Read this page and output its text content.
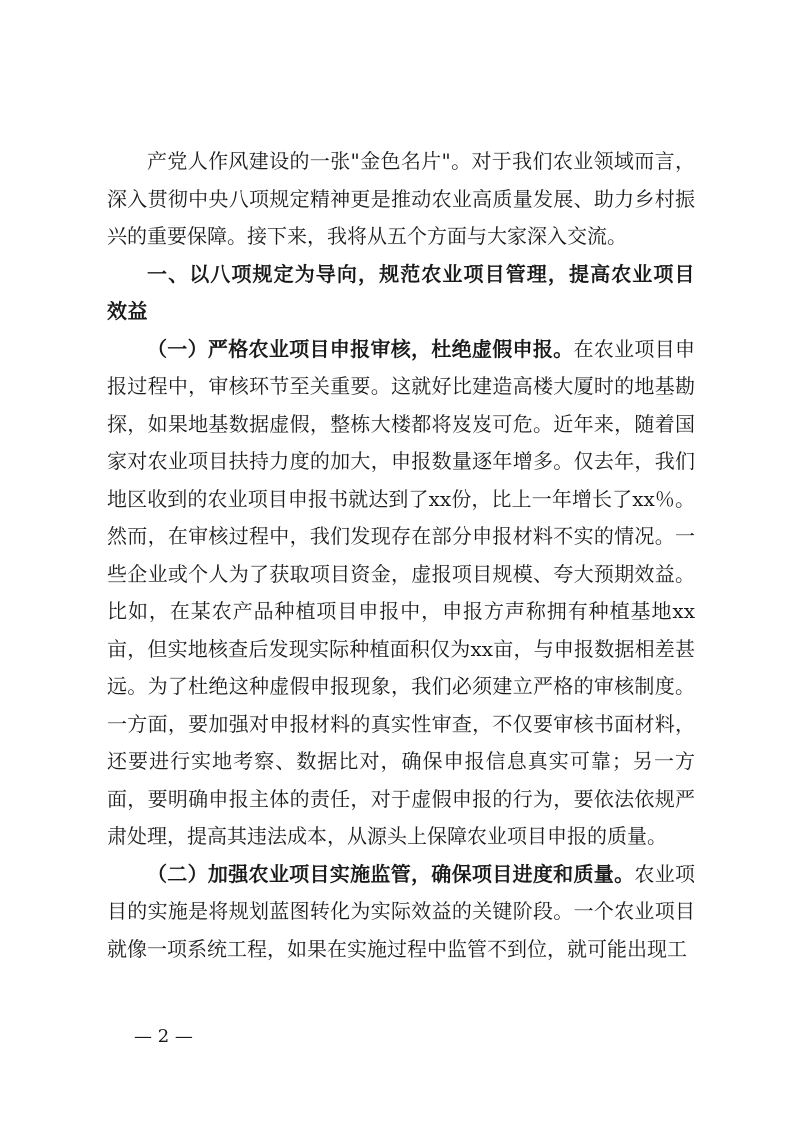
产党人作风建设的一张"金色名片"。对于我们农业领域而言，深入贯彻中央八项规定精神更是推动农业高质量发展、助力乡村振兴的重要保障。接下来，我将从五个方面与大家深入交流。

一、以八项规定为导向，规范农业项目管理，提高农业项目效益

（一）严格农业项目申报审核，杜绝虚假申报。在农业项目申报过程中，审核环节至关重要。这就好比建造高楼大厦时的地基勘探，如果地基数据虚假，整栋大楼都将岌岌可危。近年来，随着国家对农业项目扶持力度的加大，申报数量逐年增多。仅去年，我们地区收到的农业项目申报书就达到了xx份，比上一年增长了xx％。然而，在审核过程中，我们发现存在部分申报材料不实的情况。一些企业或个人为了获取项目资金，虚报项目规模、夸大预期效益。比如，在某农产品种植项目申报中，申报方声称拥有种植基地xx亩，但实地核查后发现实际种植面积仅为xx亩，与申报数据相差甚远。为了杜绝这种虚假申报现象，我们必须建立严格的审核制度。一方面，要加强对申报材料的真实性审查，不仅要审核书面材料，还要进行实地考察、数据比对，确保申报信息真实可靠；另一方面，要明确申报主体的责任，对于虚假申报的行为，要依法依规严肃处理，提高其违法成本，从源头上保障农业项目申报的质量。

（二）加强农业项目实施监管，确保项目进度和质量。农业项目的实施是将规划蓝图转化为实际效益的关键阶段。一个农业项目就像一项系统工程，如果在实施过程中监管不到位，就可能出现工

— 2 —
